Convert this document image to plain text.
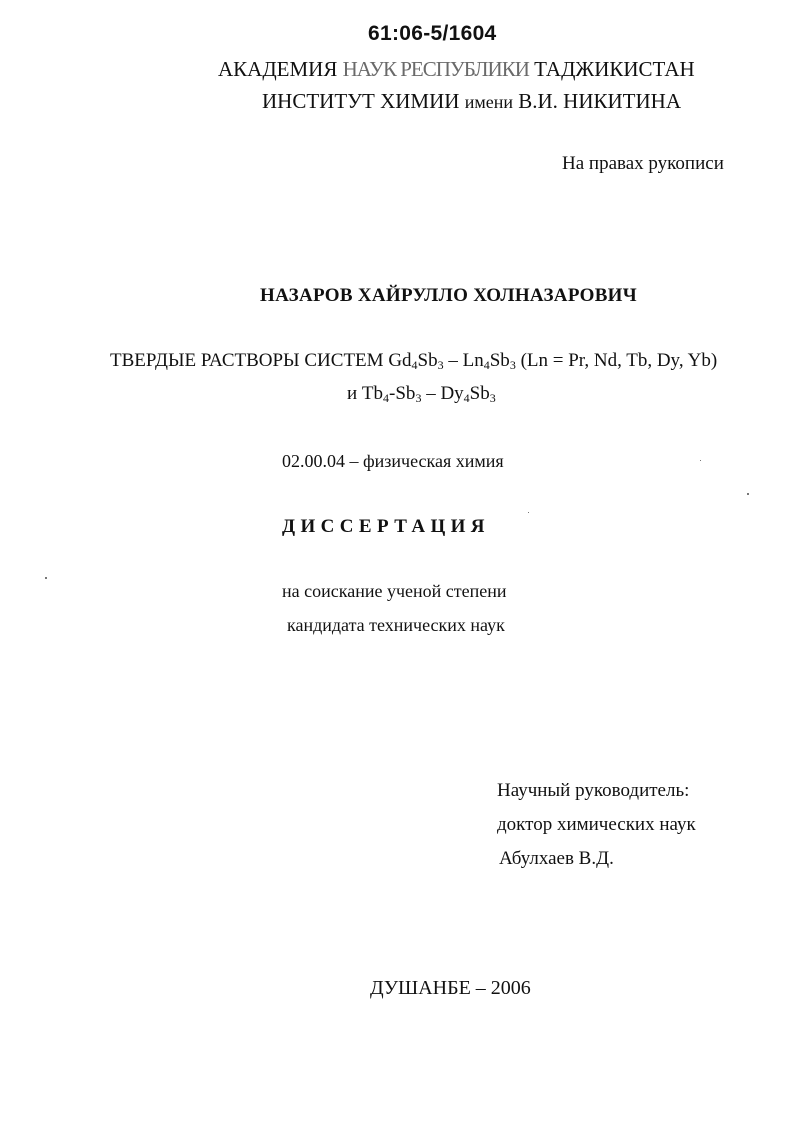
61:06-5/1604
АКАДЕМИЯ НАУК РЕСПУБЛИКИ ТАДЖИКИСТАН
ИНСТИТУТ ХИМИИ имени В.И. НИКИТИНА
На правах рукописи
НАЗАРОВ ХАЙРУЛЛО ХОЛНАЗАРОВИЧ
ТВЕРДЫЕ РАСТВОРЫ СИСТЕМ $Gd_4Sb_3 - Ln_4Sb_3$ (Ln = Pr, Nd, Tb, Dy, Yb)
и $Tb_4-Sb_3 - Dy_4Sb_3$
02.00.04 – физическая химия
ДИССЕРТАЦИЯ
на соискание ученой степени
кандидата технических наук
Научный руководитель:
доктор химических наук
Абулхаев В.Д.
ДУШАНБЕ – 2006
